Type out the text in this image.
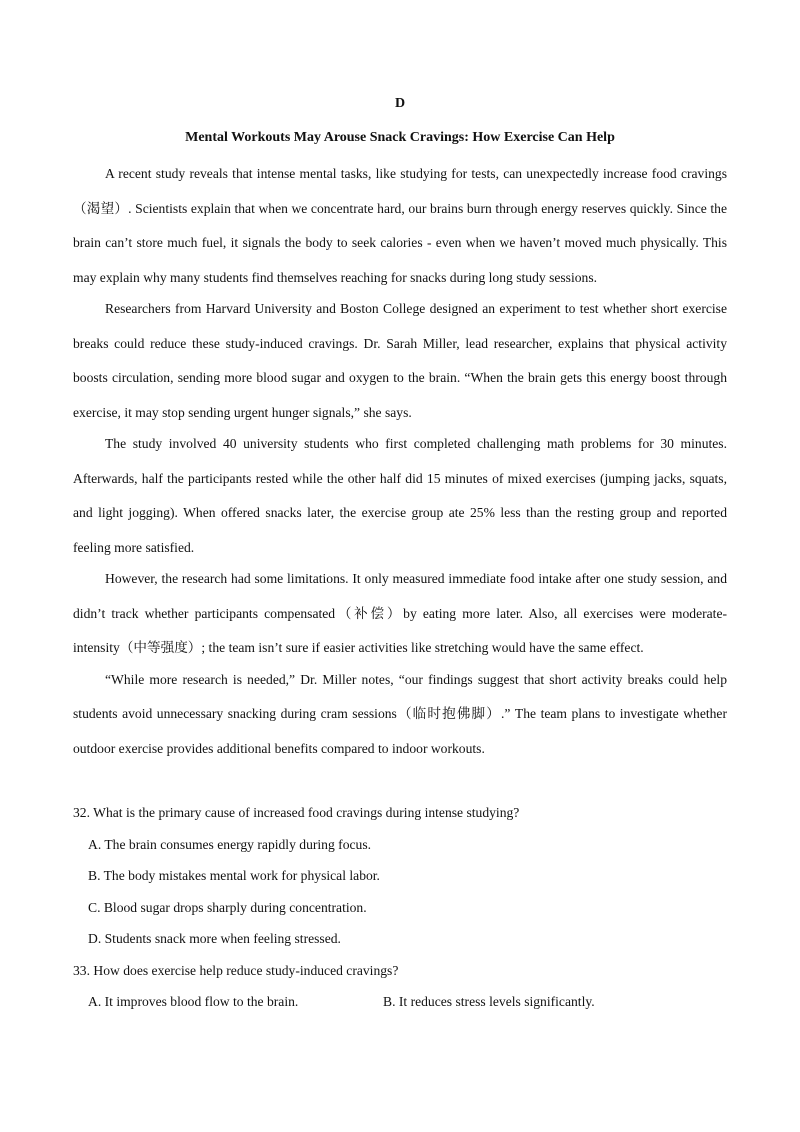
D
Mental Workouts May Arouse Snack Cravings: How Exercise Can Help

A recent study reveals that intense mental tasks, like studying for tests, can unexpectedly increase food cravings（渴望）. Scientists explain that when we concentrate hard, our brains burn through energy reserves quickly. Since the brain can’t store much fuel, it signals the body to seek calories - even when we haven’t moved much physically. This may explain why many students find themselves reaching for snacks during long study sessions.

Researchers from Harvard University and Boston College designed an experiment to test whether short exercise breaks could reduce these study-induced cravings. Dr. Sarah Miller, lead researcher, explains that physical activity boosts circulation, sending more blood sugar and oxygen to the brain. “When the brain gets this energy boost through exercise, it may stop sending urgent hunger signals,” she says.

The study involved 40 university students who first completed challenging math problems for 30 minutes. Afterwards, half the participants rested while the other half did 15 minutes of mixed exercises (jumping jacks, squats, and light jogging). When offered snacks later, the exercise group ate 25% less than the resting group and reported feeling more satisfied.

However, the research had some limitations. It only measured immediate food intake after one study session, and didn’t track whether participants compensated（补偿）by eating more later. Also, all exercises were moderate-intensity（中等强度）; the team isn’t sure if easier activities like stretching would have the same effect.

“While more research is needed,” Dr. Miller notes, “our findings suggest that short activity breaks could help students avoid unnecessary snacking during cram sessions（临时抱佛脚）.” The team plans to investigate whether outdoor exercise provides additional benefits compared to indoor workouts.

32. What is the primary cause of increased food cravings during intense studying?
A. The brain consumes energy rapidly during focus.
B. The body mistakes mental work for physical labor.
C. Blood sugar drops sharply during concentration.
D. Students snack more when feeling stressed.
33. How does exercise help reduce study-induced cravings?
A. It improves blood flow to the brain.	B. It reduces stress levels significantly.
